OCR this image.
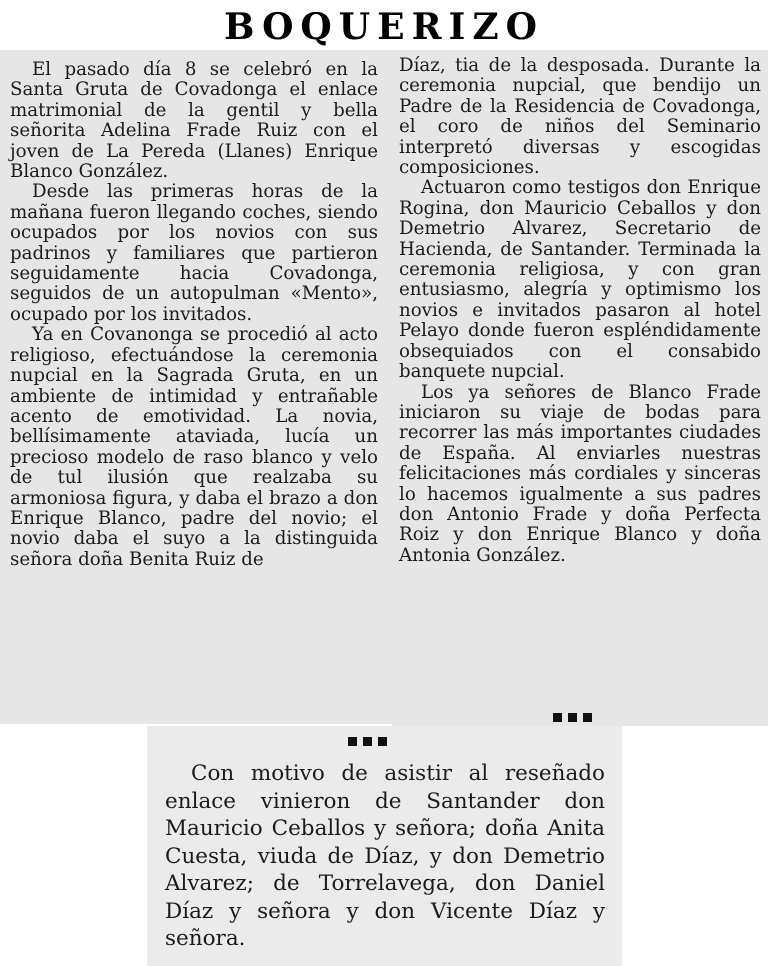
BOQUERIZO

El pasado día 8 se celebró en la Santa Gruta de Covadonga el enlace matrimonial de la gentil y bella señorita Adelina Frade Ruiz con el joven de La Pereda (Llanes) Enrique Blanco González.

Desde las primeras horas de la mañana fueron llegando coches, siendo ocupados por los novios con sus padrinos y familiares que partieron seguidamente hacia Covadonga, seguidos de un autopulman «Mento», ocupado por los invitados.

Ya en Covanonga se procedió al acto religioso, efectuándose la ceremonia nupcial en la Sagrada Gruta, en un ambiente de intimidad y entrañable acento de emotividad. La novia, bellísimamente ataviada, lucía un precioso modelo de raso blanco y velo de tul ilusión que realzaba su armoniosa figura, y daba el brazo a don Enrique Blanco, padre del novio; el novio daba el suyo a la distinguida señora doña Benita Ruiz de

Díaz, tia de la desposada. Durante la ceremonia nupcial, que bendijo un Padre de la Residencia de Covadonga, el coro de niños del Seminario interpretó diversas y escogidas composiciones.

Actuaron como testigos don Enrique Rogina, don Mauricio Ceballos y don Demetrio Alvarez, Secretario de Hacienda, de Santander. Terminada la ceremonia religiosa, y con gran entusiasmo, alegría y optimismo los novios e invitados pasaron al hotel Pelayo donde fueron espléndidamente obsequiados con el consabido banquete nupcial.

Los ya señores de Blanco Frade iniciaron su viaje de bodas para recorrer las más importantes ciudades de España. Al enviarles nuestras felicitaciones más cordiales y sinceras lo hacemos igualmente a sus padres don Antonio Frade y doña Perfecta Roiz y don Enrique Blanco y doña Antonia González.

Con motivo de asistir al reseñado enlace vinieron de Santander don Mauricio Ceballos y señora; doña Anita Cuesta, viuda de Díaz, y don Demetrio Alvarez; de Torrelavega, don Daniel Díaz y señora y don Vicente Díaz y señora.
